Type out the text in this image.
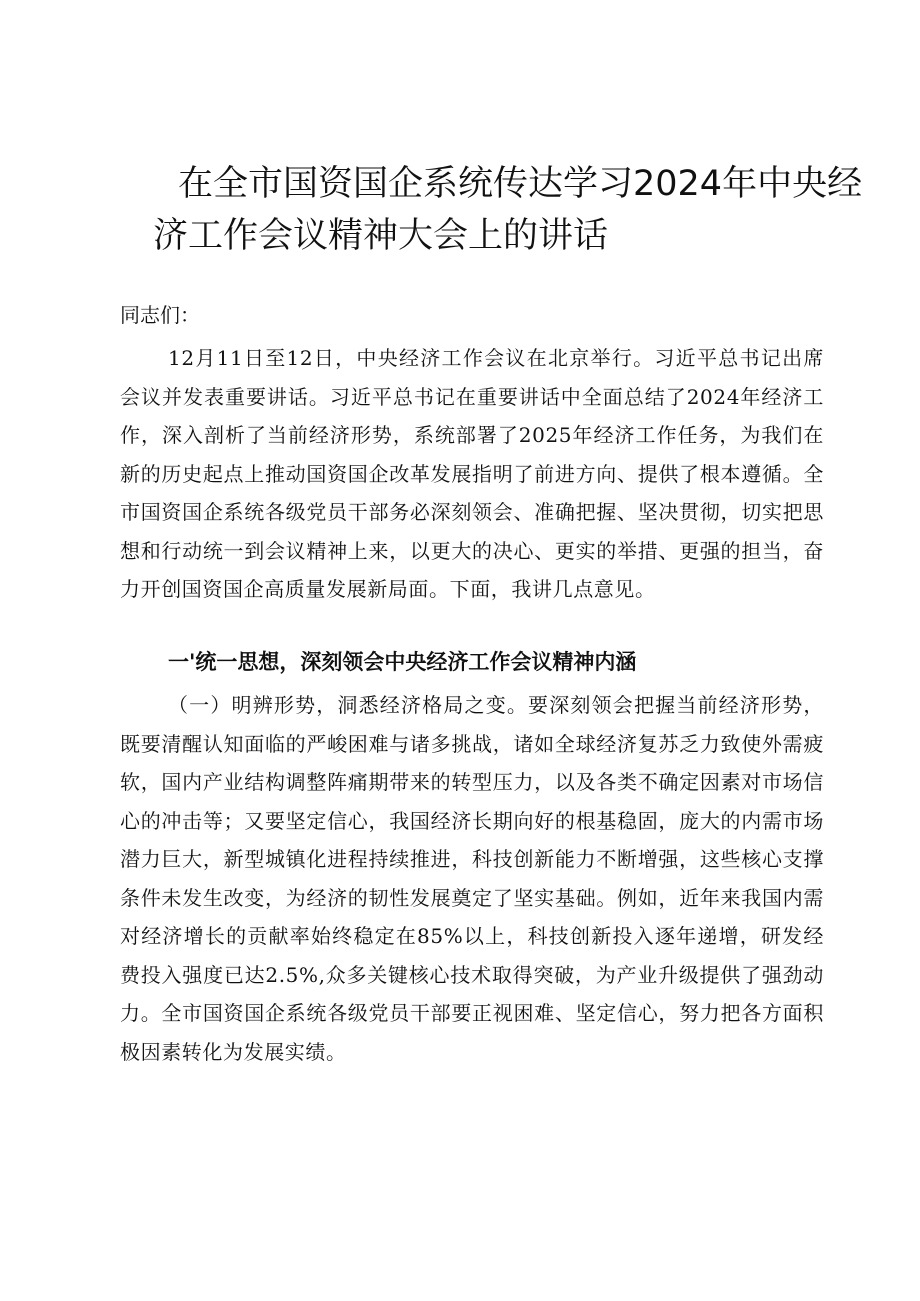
在全市国资国企系统传达学习2024年中央经
济工作会议精神大会上的讲话

同志们：

12月11日至12日，中央经济工作会议在北京举行。习近平总书记出席会议并发表重要讲话。习近平总书记在重要讲话中全面总结了2024年经济工作，深入剖析了当前经济形势，系统部署了2025年经济工作任务，为我们在新的历史起点上推动国资国企改革发展指明了前进方向、提供了根本遵循。全市国资国企系统各级党员干部务必深刻领会、准确把握、坚决贯彻，切实把思想和行动统一到会议精神上来，以更大的决心、更实的举措、更强的担当，奋力开创国资国企高质量发展新局面。下面，我讲几点意见。

一'统一思想，深刻领会中央经济工作会议精神内涵

（一）明辨形势，洞悉经济格局之变。要深刻领会把握当前经济形势，既要清醒认知面临的严峻困难与诸多挑战，诸如全球经济复苏乏力致使外需疲软，国内产业结构调整阵痛期带来的转型压力，以及各类不确定因素对市场信心的冲击等；又要坚定信心，我国经济长期向好的根基稳固，庞大的内需市场潜力巨大，新型城镇化进程持续推进，科技创新能力不断增强，这些核心支撑条件未发生改变，为经济的韧性发展奠定了坚实基础。例如，近年来我国内需对经济增长的贡献率始终稳定在85%以上，科技创新投入逐年递增，研发经费投入强度已达2.5%,众多关键核心技术取得突破，为产业升级提供了强劲动力。全市国资国企系统各级党员干部要正视困难、坚定信心，努力把各方面积极因素转化为发展实绩。
